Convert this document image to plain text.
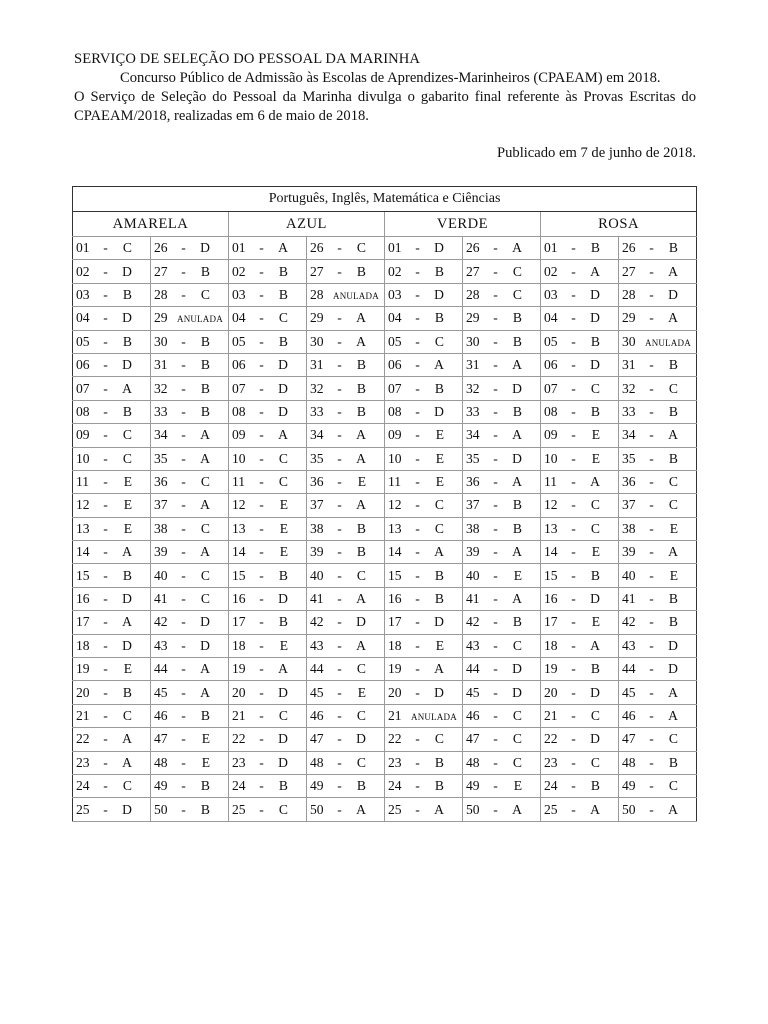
SERVIÇO DE SELEÇÃO DO PESSOAL DA MARINHA

Concurso Público de Admissão às Escolas de Aprendizes-Marinheiros (CPAEAM) em 2018.

O Serviço de Seleção do Pessoal da Marinha divulga o gabarito final referente às Provas Escritas do CPAEAM/2018, realizadas em 6 de maio de 2018.

Publicado em 7 de junho de 2018.

Português, Inglês, Matemática e Ciências							
AMARELA		AZUL		VERDE		ROSA	
01 - C	26 - D	01 - A	26 - C	01 - D	26 - A	01 - B	26 - B
02 - D	27 - B	02 - B	27 - B	02 - B	27 - C	02 - A	27 - A
03 - B	28 - C	03 - B	28 ANULADA	03 - D	28 - C	03 - D	28 - D
04 - D	29 ANULADA	04 - C	29 - A	04 - B	29 - B	04 - D	29 - A
05 - B	30 - B	05 - B	30 - A	05 - C	30 - B	05 - B	30 ANULADA
06 - D	31 - B	06 - D	31 - B	06 - A	31 - A	06 - D	31 - B
07 - A	32 - B	07 - D	32 - B	07 - B	32 - D	07 - C	32 - C
08 - B	33 - B	08 - D	33 - B	08 - D	33 - B	08 - B	33 - B
09 - C	34 - A	09 - A	34 - A	09 - E	34 - A	09 - E	34 - A
10 - C	35 - A	10 - C	35 - A	10 - E	35 - D	10 - E	35 - B
11 - E	36 - C	11 - C	36 - E	11 - E	36 - A	11 - A	36 - C
12 - E	37 - A	12 - E	37 - A	12 - C	37 - B	12 - C	37 - C
13 - E	38 - C	13 - E	38 - B	13 - C	38 - B	13 - C	38 - E
14 - A	39 - A	14 - E	39 - B	14 - A	39 - A	14 - E	39 - A
15 - B	40 - C	15 - B	40 - C	15 - B	40 - E	15 - B	40 - E
16 - D	41 - C	16 - D	41 - A	16 - B	41 - A	16 - D	41 - B
17 - A	42 - D	17 - B	42 - D	17 - D	42 - B	17 - E	42 - B
18 - D	43 - D	18 - E	43 - A	18 - E	43 - C	18 - A	43 - D
19 - E	44 - A	19 - A	44 - C	19 - A	44 - D	19 - B	44 - D
20 - B	45 - A	20 - D	45 - E	20 - D	45 - D	20 - D	45 - A
21 - C	46 - B	21 - C	46 - C	21 ANULADA	46 - C	21 - C	46 - A
22 - A	47 - E	22 - D	47 - D	22 - C	47 - C	22 - D	47 - C
23 - A	48 - E	23 - D	48 - C	23 - B	48 - C	23 - C	48 - B
24 - C	49 - B	24 - B	49 - B	24 - B	49 - E	24 - B	49 - C
25 - D	50 - B	25 - C	50 - A	25 - A	50 - A	25 - A	50 - A
